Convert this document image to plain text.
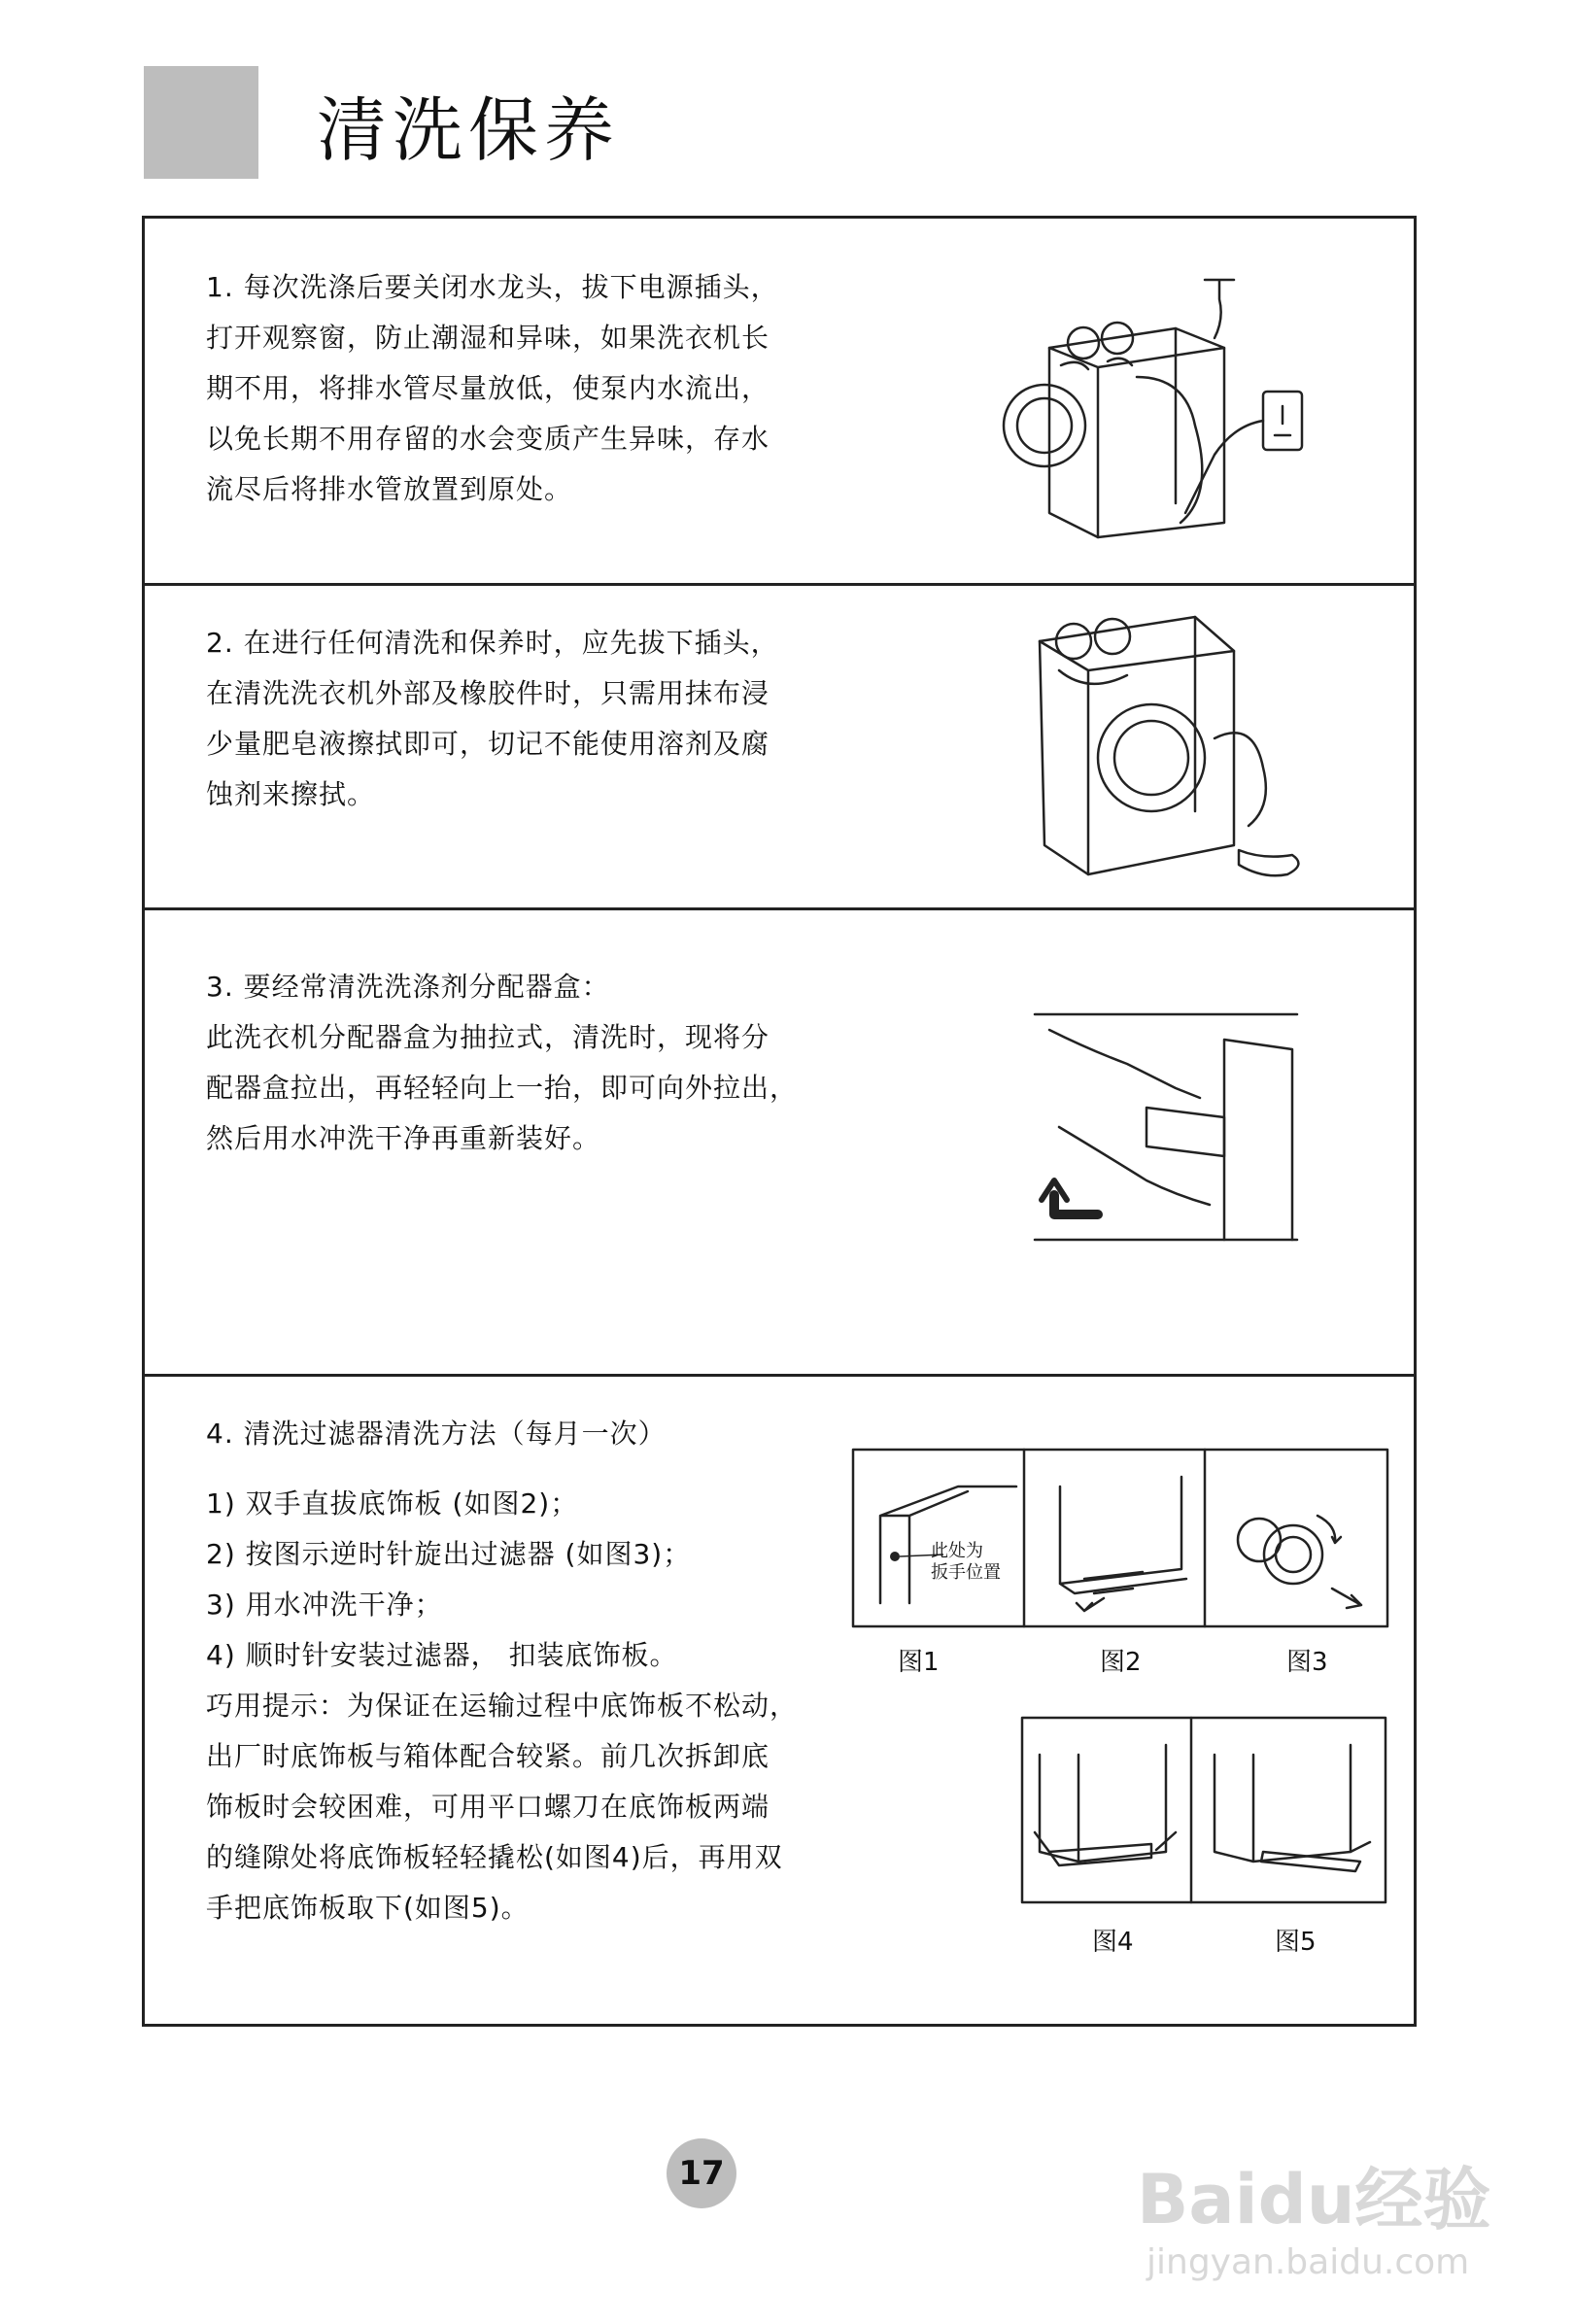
清洗保养
1. 每次洗涤后要关闭水龙头，拔下电源插头，
打开观察窗，防止潮湿和异味，如果洗衣机长
期不用，将排水管尽量放低，使泵内水流出，
以免长期不用存留的水会变质产生异味，存水
流尽后将排水管放置到原处。
2. 在进行任何清洗和保养时，应先拔下插头，
在清洗洗衣机外部及橡胶件时，只需用抹布浸
少量肥皂液擦拭即可，切记不能使用溶剂及腐
蚀剂来擦拭。
3. 要经常清洗洗涤剂分配器盒：
此洗衣机分配器盒为抽拉式，清洗时，现将分
配器盒拉出，再轻轻向上一抬，即可向外拉出，
然后用水冲洗干净再重新装好。
4. 清洗过滤器清洗方法（每月一次）
1) 双手直拔底饰板 (如图2)；
2) 按图示逆时针旋出过滤器 (如图3)；
3) 用水冲洗干净；
4) 顺时针安装过滤器， 扣装底饰板。
巧用提示：为保证在运输过程中底饰板不松动，
出厂时底饰板与箱体配合较紧。前几次拆卸底
饰板时会较困难，可用平口螺刀在底饰板两端
的缝隙处将底饰板轻轻撬松(如图4)后，再用双
手把底饰板取下(如图5)。
此处为
扳手位置
图1	图2	图3
图4	图5
17	Baidu经验
jingyan.baidu.com
